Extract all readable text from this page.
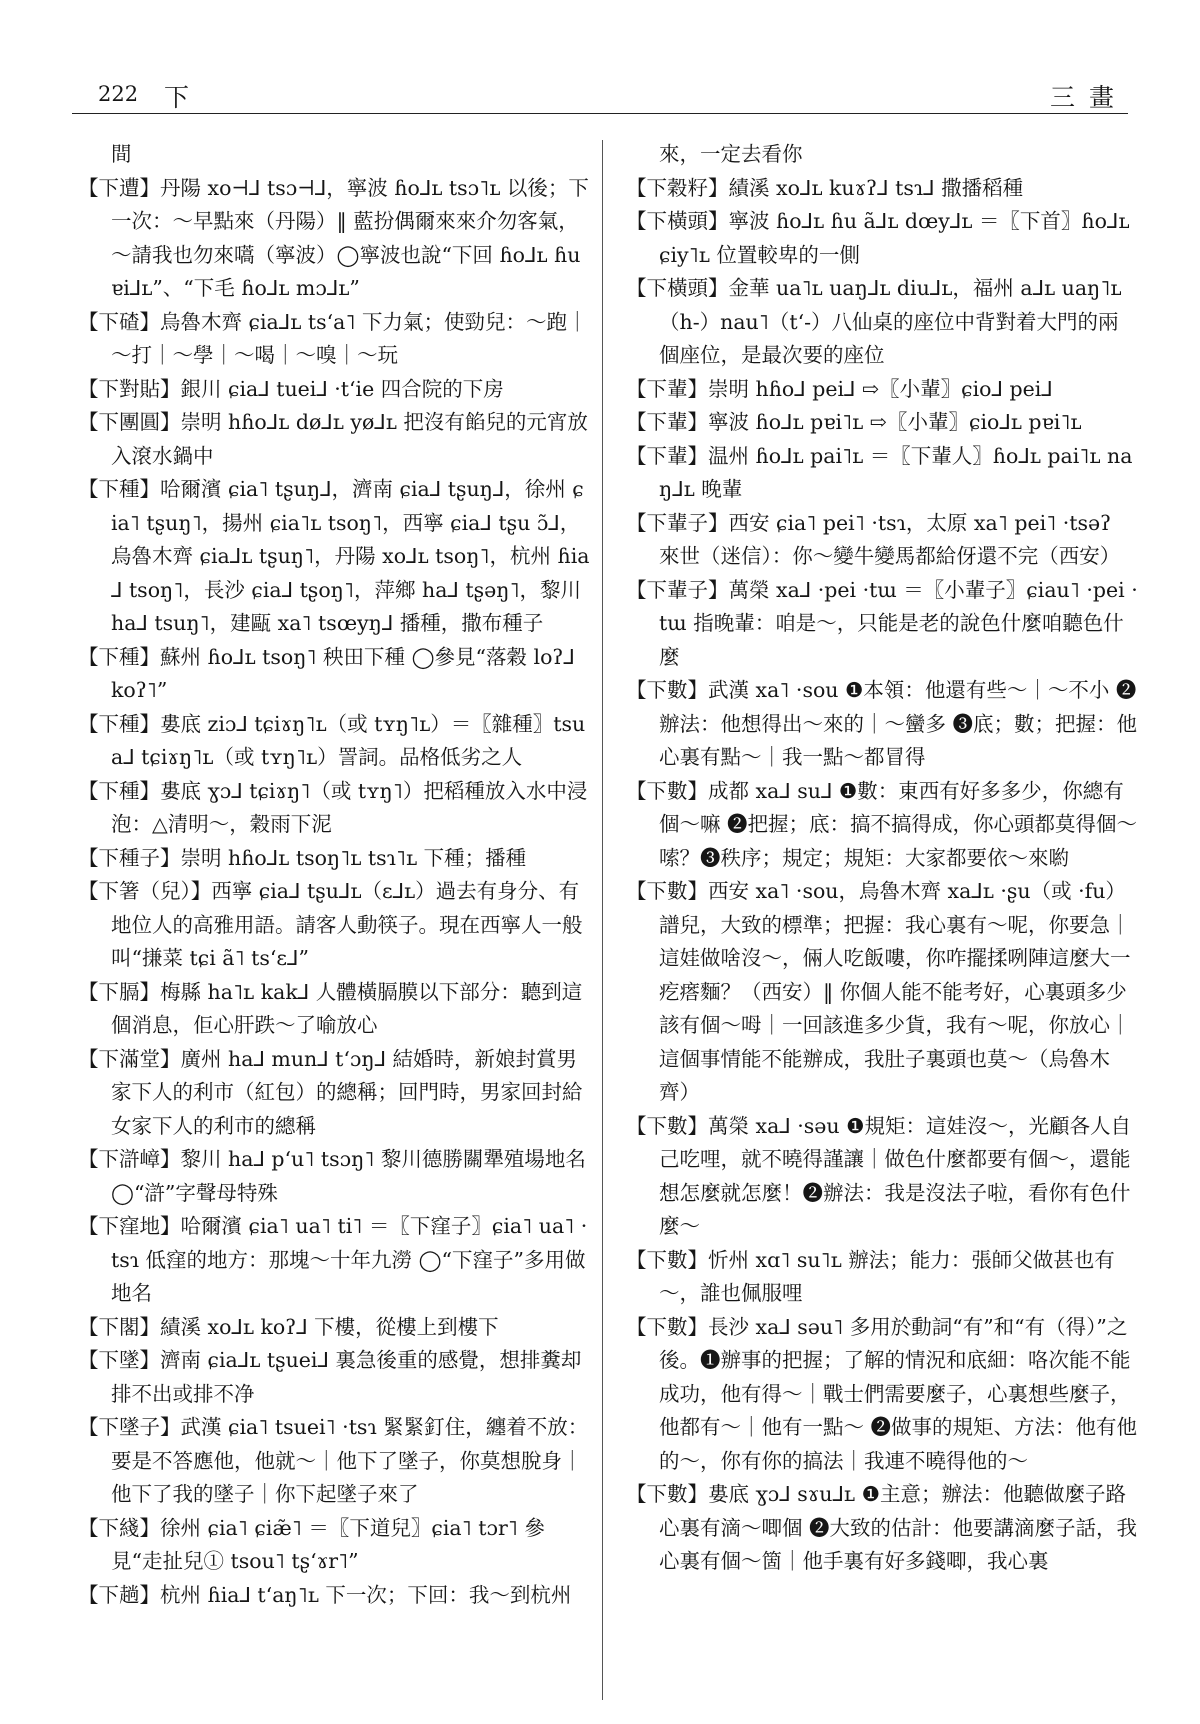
222 下	三畫

間

【下遭】丹陽 xo⊣⅃ tsɔ⊣⅃，寧波 ɦo⅃ʟ tsɔ˥ʟ 以後；下一次：～早點來（丹陽）‖ 藍扮偶爾來來介勿客氣，～請我也勿來嚆（寧波）◯寧波也說“下回 ɦo⅃ʟ ɦuɐi⅃ʟ”、“下毛 ɦo⅃ʟ mɔ⅃ʟ”

【下碴】烏魯木齊 ɕia⅃ʟ tsʻa˥ 下力氣；使勁兒：～跑｜～打｜～學｜～喝｜～嗅｜～玩

【下對貼】銀川 ɕia⅃ tuei⅃ ·tʻie 四合院的下房

【下團圓】崇明 hɦo⅃ʟ dø⅃ʟ yø⅃ʟ 把沒有餡兒的元宵放入滾水鍋中

【下種】哈爾濱 ɕia˥ tʂuŋ⅃，濟南 ɕia⅃ tʂuŋ⅃，徐州 ɕia˥ tʂuŋ˥，揚州 ɕia˥ʟ tsoŋ˥，西寧 ɕia⅃ tʂu ɔ̃⅃，烏魯木齊 ɕia⅃ʟ tʂuŋ˥，丹陽 xo⅃ʟ tsoŋ˥，杭州 ɦia⅃ tsoŋ˥，長沙 ɕia⅃ tʂoŋ˥，萍鄉 ha⅃ tʂəŋ˥，黎川 ha⅃ tsuŋ˥，建甌 xa˥ tsœyŋ⅃ 播種，撒布種子

【下種】蘇州 ɦo⅃ʟ tsoŋ˥ 秧田下種 ◯參見“落穀 loʔ⅃ koʔ˥”

【下種】婁底 ziɔ⅃ tɕiɤŋ˥ʟ（或 tʏŋ˥ʟ）＝〖雜種〗tsua⅃ tɕiɤŋ˥ʟ（或 tʏŋ˥ʟ）詈詞。品格低劣之人

【下種】婁底 ɣɔ⅃ tɕiɤŋ˥（或 tʏŋ˥）把稻種放入水中浸泡：△清明～，穀雨下泥

【下種子】崇明 hɦo⅃ʟ tsoŋ˥ʟ tsɿ˥ʟ 下種；播種

【下箸（兒）】西寧 ɕia⅃ tʂu⅃ʟ（ɛ⅃ʟ）過去有身分、有地位人的高雅用語。請客人動筷子。現在西寧人一般叫“搛菜 tɕi ã˥ tsʻɛ⅃”

【下膈】梅縣 ha˥ʟ kak⅃ 人體橫膈膜以下部分：聽到這個消息，佢心肝跌～了喻放心

【下滿堂】廣州 ha⅃ mun⅃ tʻɔŋ⅃ 結婚時，新娘封賞男家下人的利市（紅包）的總稱；回門時，男家回封給女家下人的利市的總稱

【下滸嶂】黎川 ha⅃ pʻu˥ tsɔŋ˥ 黎川德勝關犟殖場地名 ◯“滸”字聲母特殊

【下窪地】哈爾濱 ɕia˥ ua˥ ti˥ ＝〖下窪子〗ɕia˥ ua˥ ·tsɿ 低窪的地方：那塊～十年九澇 ◯“下窪子”多用做地名

【下閣】績溪 xo⅃ʟ koʔ⅃ 下樓，從樓上到樓下

【下墜】濟南 ɕia⅃ʟ tʂuei⅃ 裏急後重的感覺，想排糞却排不出或排不净

【下墜子】武漢 ɕia˥ tsuei˥ ·tsɿ 緊緊釘住，纏着不放：要是不答應他，他就～｜他下了墜子，你莫想脫身｜他下了我的墜子｜你下起墜子來了

【下綫】徐州 ɕia˥ ɕiæ̃˥ ＝〖下道兒〗ɕia˥ tɔr˥ 參見“走扯兒① tsou˥ tʂʻɤr˥”

【下趟】杭州 ɦia⅃ tʻaŋ˥ʟ 下一次；下回：我～到杭州

來，一定去看你

【下穀籽】績溪 xo⅃ʟ kuɤʔ⅃ tsɿ⅃ 撒播稻種

【下橫頭】寧波 ɦo⅃ʟ ɦu ã⅃ʟ dœy⅃ʟ ＝〖下首〗ɦo⅃ʟ ɕiy˥ʟ 位置較卑的一側

【下橫頭】金華 ua˥ʟ uaŋ⅃ʟ diu⅃ʟ，福州 a⅃ʟ uaŋ˥ʟ（h-）nau˥（tʻ-）八仙桌的座位中背對着大門的兩個座位，是最次要的座位

【下輩】崇明 hɦo⅃ pei⅃ ⇨〖小輩〗ɕio⅃ pei⅃

【下輩】寧波 ɦo⅃ʟ pɐi˥ʟ ⇨〖小輩〗ɕio⅃ʟ pɐi˥ʟ

【下輩】温州 ɦo⅃ʟ pai˥ʟ ＝〖下輩人〗ɦo⅃ʟ pai˥ʟ naŋ⅃ʟ 晚輩

【下輩子】西安 ɕia˥ pei˥ ·tsɿ，太原 xa˥ pei˥ ·tsəʔ 來世（迷信）：你～變牛變馬都給伢還不完（西安）

【下輩子】萬榮 xa⅃ ·pei ·tɯ ＝〖小輩子〗ɕiau˥ ·pei ·tɯ 指晚輩：咱是～，只能是老的說色什麼咱聽色什麼

【下數】武漢 xa˥ ·sou ❶本領：他還有些～｜～不小 ❷辦法：他想得出～來的｜～蠻多 ❸底；數；把握：他心裏有點～｜我一點～都冒得

【下數】成都 xa⅃ su⅃ ❶數：東西有好多多少，你總有個～嘛 ❷把握；底：搞不搞得成，你心頭都莫得個～嗦？❸秩序；規定；規矩：大家都要依～來喲

【下數】西安 xa˥ ·sou，烏魯木齊 xa⅃ʟ ·ʂu（或 ·fu）譜兒，大致的標準；把握：我心裏有～呢，你要急｜這娃做啥沒～，倆人吃飯嘍，你咋擺揉咧陣這麼大一疙瘩麵？（西安）‖ 你個人能不能考好，心裏頭多少該有個～呣｜一回該進多少貨，我有～呢，你放心｜這個事情能不能辦成，我肚子裏頭也莫～（烏魯木齊）

【下數】萬榮 xa⅃ ·səu ❶規矩：這娃沒～，光顧各人自己吃哩，就不曉得謹讓｜做色什麼都要有個～，還能想怎麼就怎麼！❷辦法：我是沒法子啦，看你有色什麼～

【下數】忻州 xɑ˥ su˥ʟ 辦法；能力：張師父做甚也有～，誰也佩服哩

【下數】長沙 xa⅃ səu˥ 多用於動詞“有”和“有（得）”之後。❶辦事的把握；了解的情況和底細：咯次能不能成功，他有得～｜戰士們需要麼子，心裏想些麼子，他都有～｜他有一點～ ❷做事的規矩、方法：他有他的～，你有你的搞法｜我連不曉得他的～

【下數】婁底 ɣɔ⅃ sɤu⅃ʟ ❶主意；辦法：他聽做麼子路心裏有滴～唧個 ❷大致的估計：他要講滴麼子話，我心裏有個～箇｜他手裏有好多錢唧，我心裏
